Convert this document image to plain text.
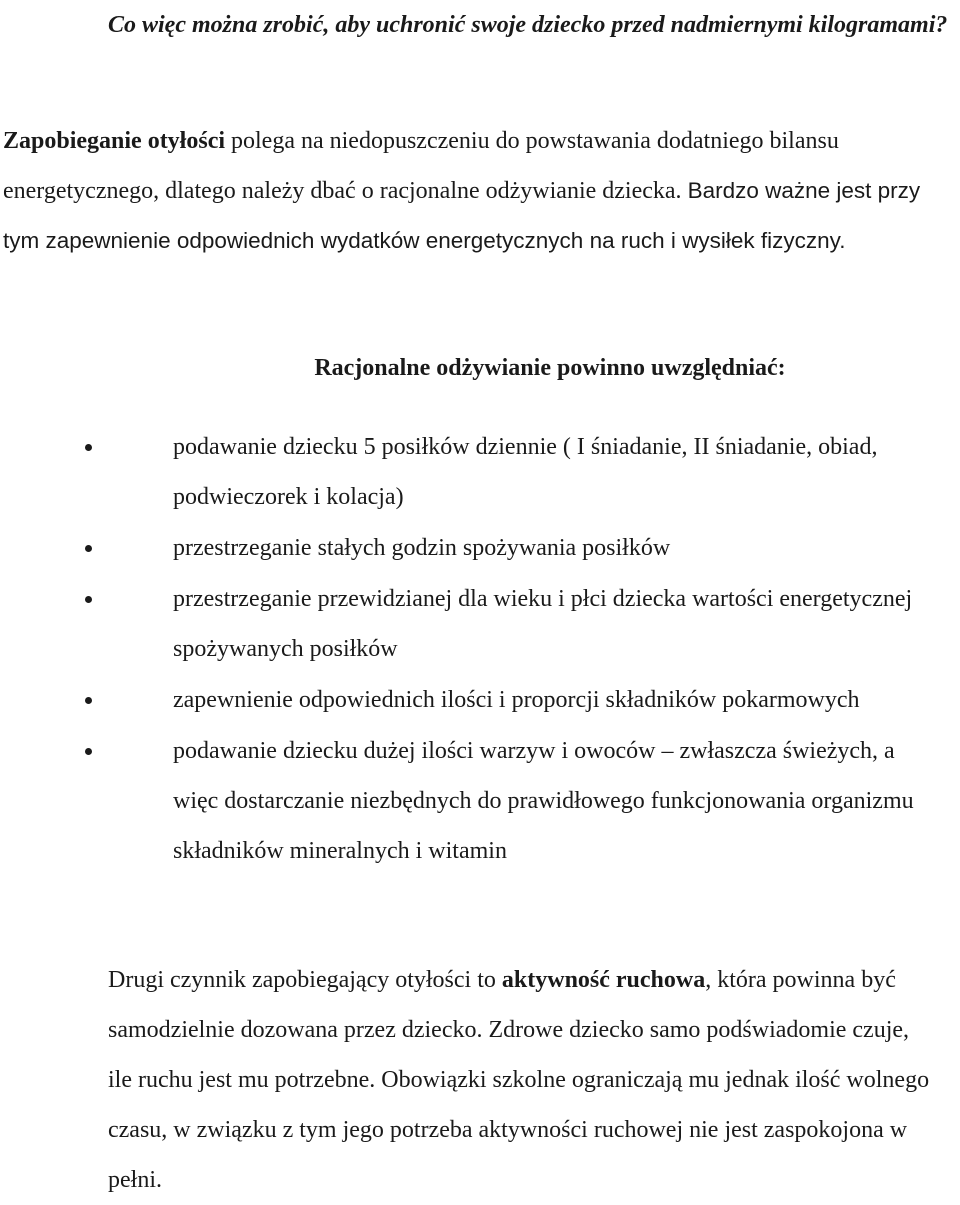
Co więc można zrobić, aby uchronić swoje dziecko przed nadmiernymi kilogramami?

Zapobieganie otyłości polega na niedopuszczeniu do powstawania dodatniego bilansu energetycznego, dlatego należy dbać o racjonalne odżywianie dziecka. Bardzo ważne jest przy tym zapewnienie odpowiednich wydatków energetycznych na ruch i wysiłek fizyczny.

Racjonalne odżywianie powinno uwzględniać:

podawanie dziecku 5 posiłków dziennie ( I śniadanie, II śniadanie, obiad, podwieczorek i kolacja)
przestrzeganie stałych godzin spożywania posiłków
przestrzeganie przewidzianej dla wieku i płci dziecka wartości energetycznej spożywanych posiłków
zapewnienie odpowiednich ilości i proporcji składników pokarmowych
podawanie dziecku dużej ilości warzyw i owoców – zwłaszcza świeżych, a więc dostarczanie niezbędnych do prawidłowego funkcjonowania organizmu składników mineralnych i witamin

Drugi czynnik zapobiegający otyłości to aktywność ruchowa, która powinna być samodzielnie dozowana przez dziecko. Zdrowe dziecko samo podświadomie czuje, ile ruchu jest mu potrzebne. Obowiązki szkolne ograniczają mu jednak ilość wolnego czasu, w związku z tym jego potrzeba aktywności ruchowej nie jest zaspokojona w pełni.
